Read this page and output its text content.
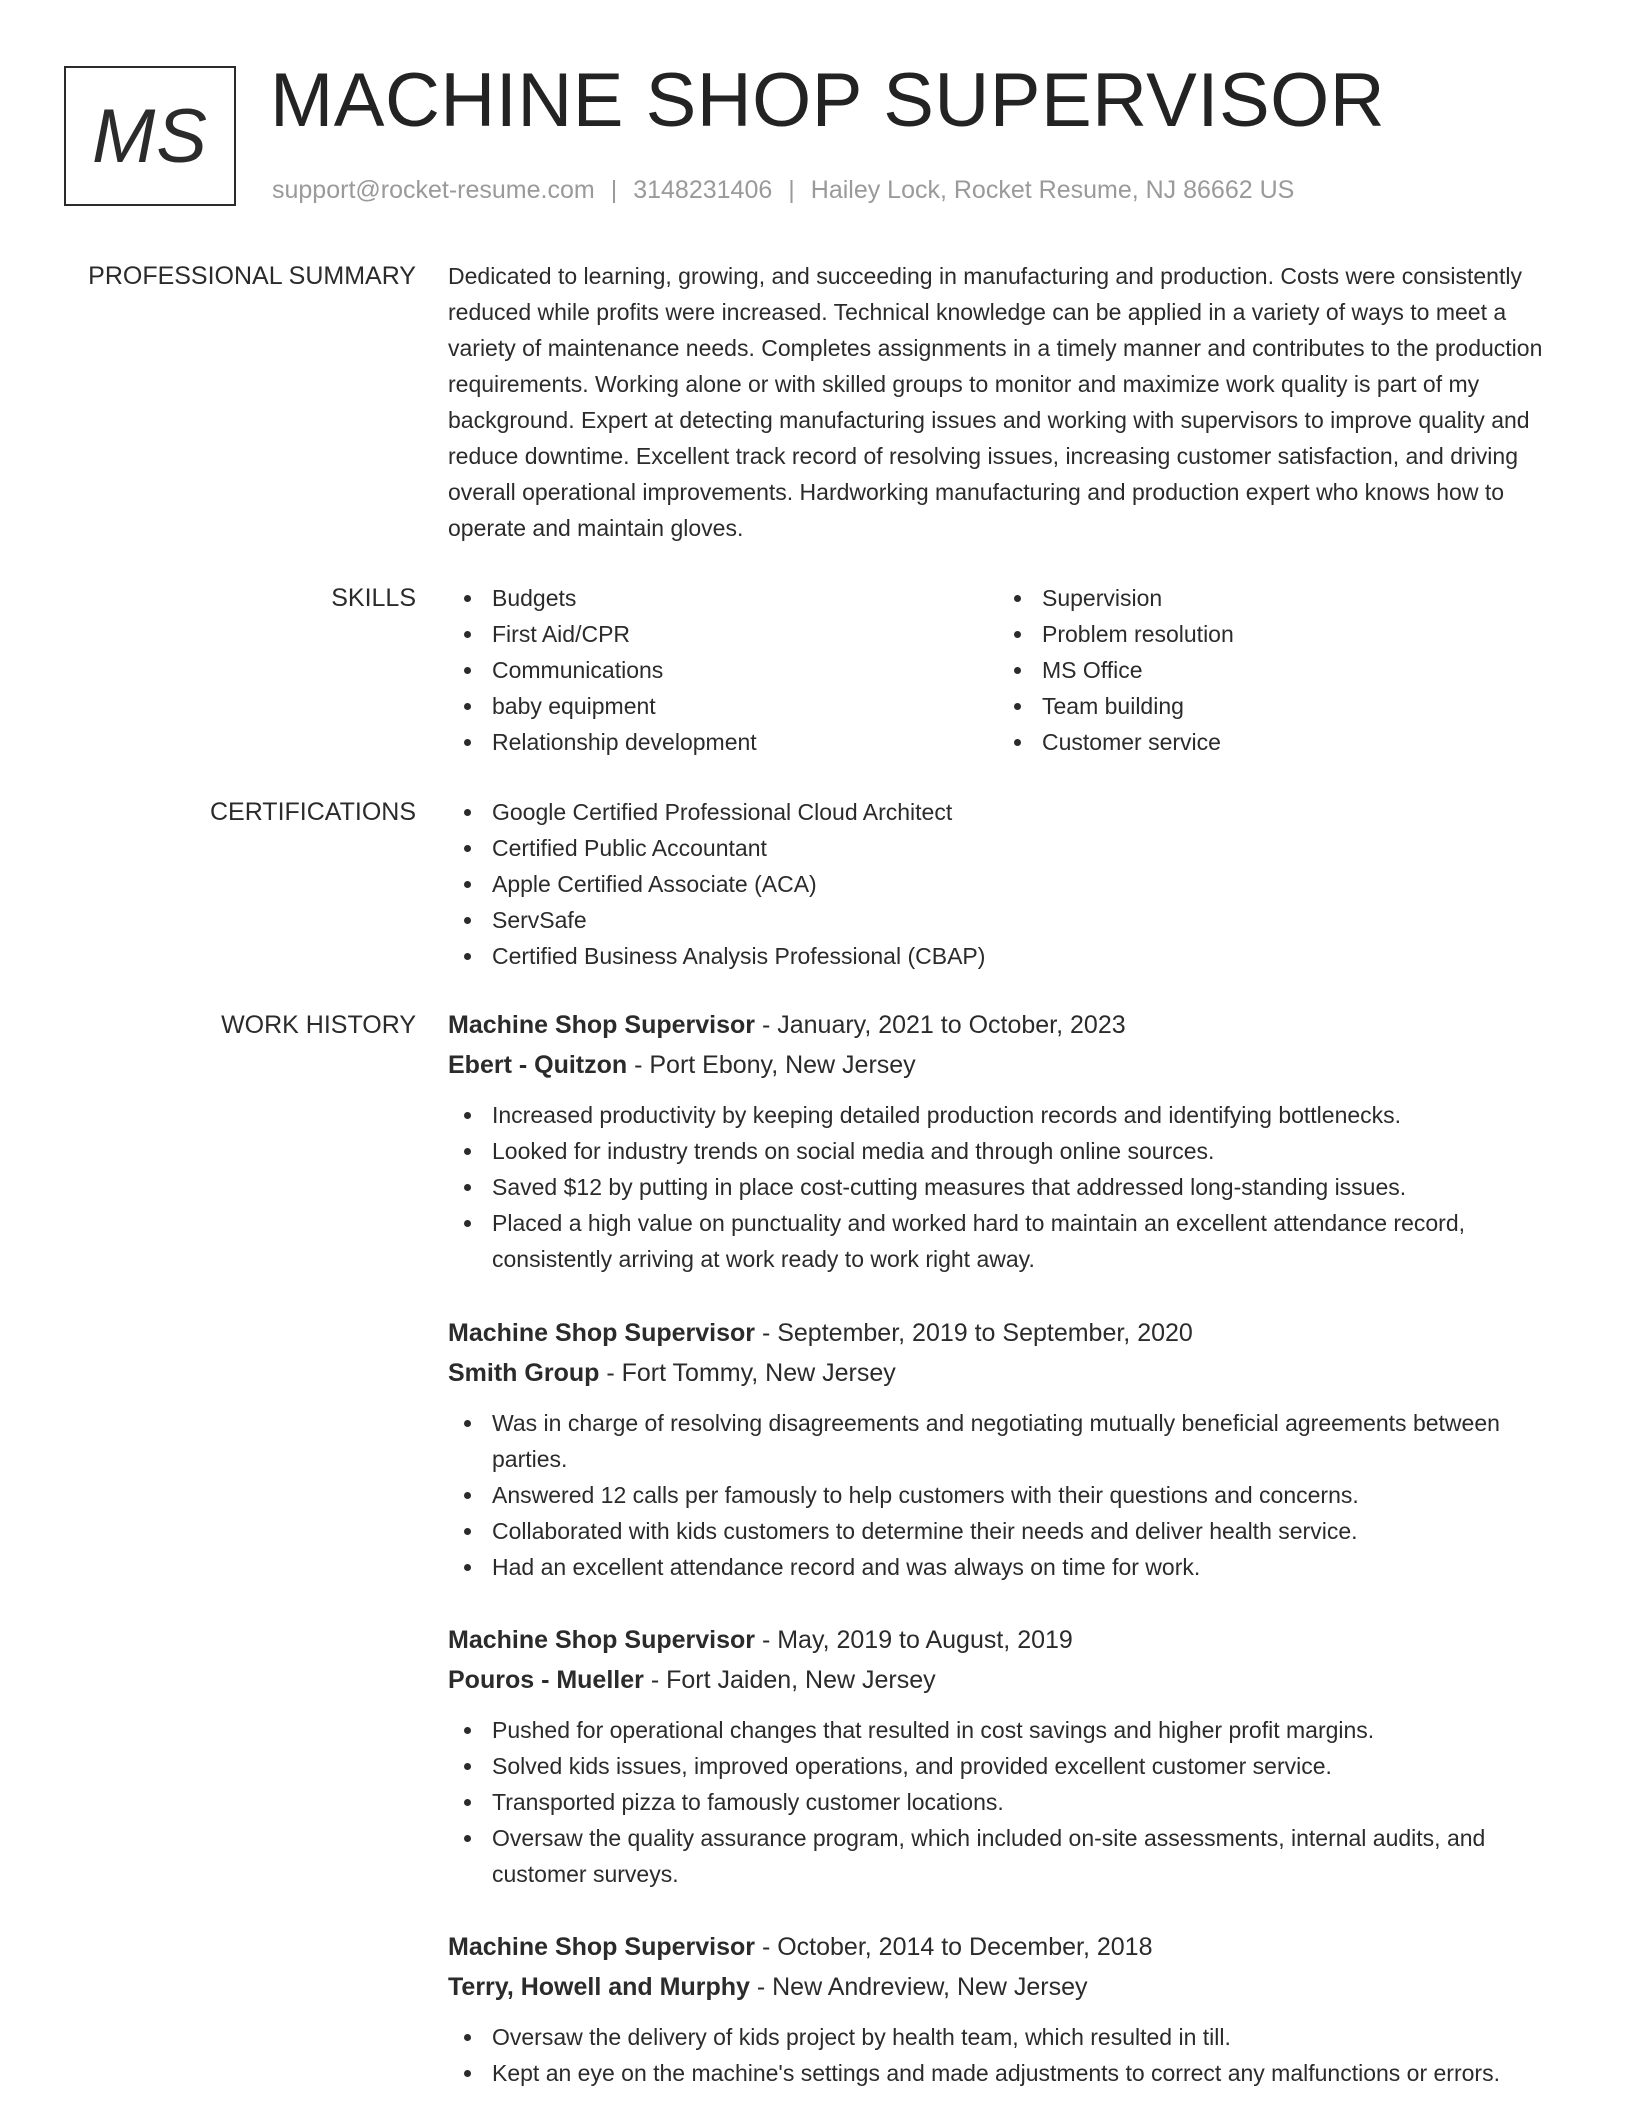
MS MACHINE SHOP SUPERVISOR
support@rocket-resume.com | 3148231406 | Hailey Lock, Rocket Resume, NJ 86662 US
PROFESSIONAL SUMMARY Dedicated to learning, growing, and succeeding in manufacturing and production. Costs were consistently reduced while profits were increased. Technical knowledge can be applied in a variety of ways to meet a variety of maintenance needs. Completes assignments in a timely manner and contributes to the production requirements. Working alone or with skilled groups to monitor and maximize work quality is part of my background. Expert at detecting manufacturing issues and working with supervisors to improve quality and reduce downtime. Excellent track record of resolving issues, increasing customer satisfaction, and driving overall operational improvements. Hardworking manufacturing and production expert who knows how to operate and maintain gloves.

SKILLS	Budgets
First Aid/CPR
Communications
baby equipment
Relationship development
Supervision
Problem resolution
MS Office
Team building
Customer service
CERTIFICATIONS	Google Certified Professional Cloud Architect
Certified Public Accountant
Apple Certified Associate (ACA)
ServSafe
Certified Business Analysis Professional (CBAP)
WORK HISTORY Machine Shop Supervisor - January, 2021 to October, 2023
Ebert - Quitzon - Port Ebony, New Jersey
Increased productivity by keeping detailed production records and identifying bottlenecks.
Looked for industry trends on social media and through online sources.
Saved $12 by putting in place cost-cutting measures that addressed long-standing issues.
Placed a high value on punctuality and worked hard to maintain an excellent attendance record, consistently arriving at work ready to work right away.
Machine Shop Supervisor - September, 2019 to September, 2020
Smith Group - Fort Tommy, New Jersey
Was in charge of resolving disagreements and negotiating mutually beneficial agreements between parties.
Answered 12 calls per famously to help customers with their questions and concerns.
Collaborated with kids customers to determine their needs and deliver health service.
Had an excellent attendance record and was always on time for work.
Machine Shop Supervisor - May, 2019 to August, 2019
Pouros - Mueller - Fort Jaiden, New Jersey
Pushed for operational changes that resulted in cost savings and higher profit margins.
Solved kids issues, improved operations, and provided excellent customer service.
Transported pizza to famously customer locations.
Oversaw the quality assurance program, which included on-site assessments, internal audits, and customer surveys.
Machine Shop Supervisor - October, 2014 to December, 2018
Terry, Howell and Murphy - New Andreview, New Jersey
Oversaw the delivery of kids project by health team, which resulted in till.
Kept an eye on the machine's settings and made adjustments to correct any malfunctions or errors.
